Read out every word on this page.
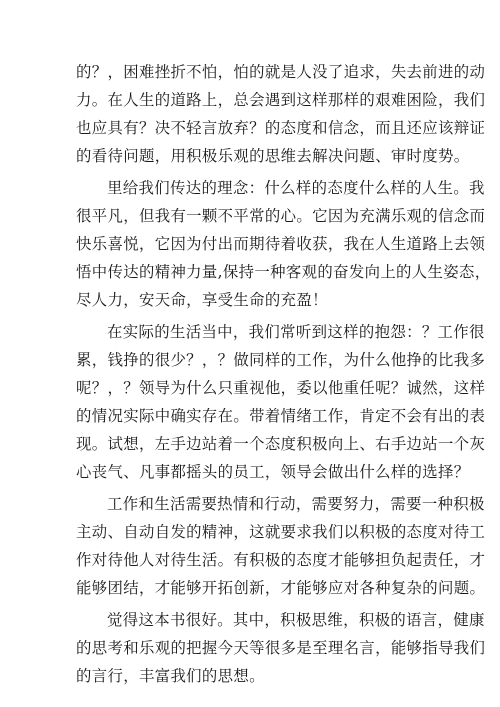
的？，困难挫折不怕，怕的就是人没了追求，失去前进的动
力。在人生的道路上，总会遇到这样那样的艰难困险，我们
也应具有？决不轻言放弃？的态度和信念，而且还应该辩证
的看待问题，用积极乐观的思维去解决问题、审时度势。

里给我们传达的理念：什么样的态度什么样的人生。我
很平凡，但我有一颗不平常的心。它因为充满乐观的信念而
快乐喜悦，它因为付出而期待着收获，我在人生道路上去领
悟中传达的精神力量,保持一种客观的奋发向上的人生姿态，
尽人力，安天命，享受生命的充盈！

在实际的生活当中，我们常听到这样的抱怨：？工作很
累，钱挣的很少？，？做同样的工作，为什么他挣的比我多
呢？，？领导为什么只重视他，委以他重任呢？诚然，这样
的情况实际中确实存在。带着情绪工作，肯定不会有出的表
现。试想，左手边站着一个态度积极向上、右手边站一个灰
心丧气、凡事都摇头的员工，领导会做出什么样的选择？

工作和生活需要热情和行动，需要努力，需要一种积极
主动、自动自发的精神，这就要求我们以积极的态度对待工
作对待他人对待生活。有积极的态度才能够担负起责任，才
能够团结，才能够开拓创新，才能够应对各种复杂的问题。

觉得这本书很好。其中，积极思维，积极的语言，健康
的思考和乐观的把握今天等很多是至理名言，能够指导我们
的言行，丰富我们的思想。
